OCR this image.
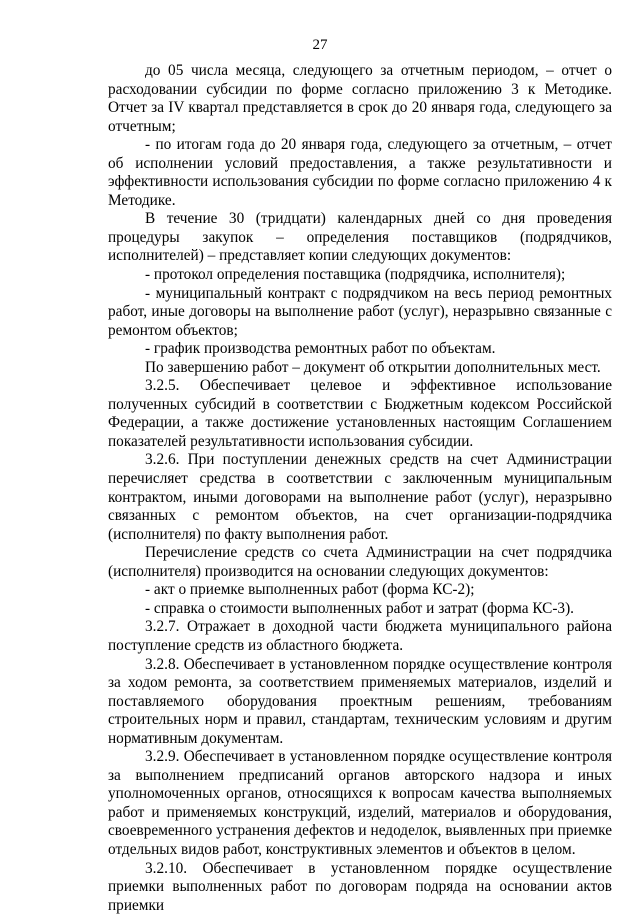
27

до 05 числа месяца, следующего за отчетным периодом, – отчет о расходовании субсидии по форме согласно приложению 3 к Методике. Отчет за IV квартал представляется в срок до 20 января года, следующего за отчетным;

- по итогам года до 20 января года, следующего за отчетным, – отчет об исполнении условий предоставления, а также результативности и эффективности использования субсидии по форме согласно приложению 4 к Методике.

В течение 30 (тридцати) календарных дней со дня проведения процедуры закупок – определения поставщиков (подрядчиков, исполнителей) – представляет копии следующих документов:

- протокол определения поставщика (подрядчика, исполнителя);

- муниципальный контракт с подрядчиком на весь период ремонтных работ, иные договоры на выполнение работ (услуг), неразрывно связанные с ремонтом объектов;

- график производства ремонтных работ по объектам.

По завершению работ – документ об открытии дополнительных мест.

3.2.5. Обеспечивает целевое и эффективное использование полученных субсидий в соответствии с Бюджетным кодексом Российской Федерации, а также достижение установленных настоящим Соглашением показателей результативности использования субсидии.

3.2.6. При поступлении денежных средств на счет Администрации перечисляет средства в соответствии с заключенным муниципальным контрактом, иными договорами на выполнение работ (услуг), неразрывно связанных с ремонтом объектов, на счет организации-подрядчика (исполнителя) по факту выполнения работ.

Перечисление средств со счета Администрации на счет подрядчика (исполнителя) производится на основании следующих документов:

- акт о приемке выполненных работ (форма КС-2);

- справка о стоимости выполненных работ и затрат (форма КС-3).

3.2.7. Отражает в доходной части бюджета муниципального района поступление средств из областного бюджета.

3.2.8. Обеспечивает в установленном порядке осуществление контроля за ходом ремонта, за соответствием применяемых материалов, изделий и поставляемого оборудования проектным решениям, требованиям строительных норм и правил, стандартам, техническим условиям и другим нормативным документам.

3.2.9. Обеспечивает в установленном порядке осуществление контроля за выполнением предписаний органов авторского надзора и иных уполномоченных органов, относящихся к вопросам качества выполняемых работ и применяемых конструкций, изделий, материалов и оборудования, своевременного устранения дефектов и недоделок, выявленных при приемке отдельных видов работ, конструктивных элементов и объектов в целом.

3.2.10. Обеспечивает в установленном порядке осуществление приемки выполненных работ по договорам подряда на основании актов приемки
